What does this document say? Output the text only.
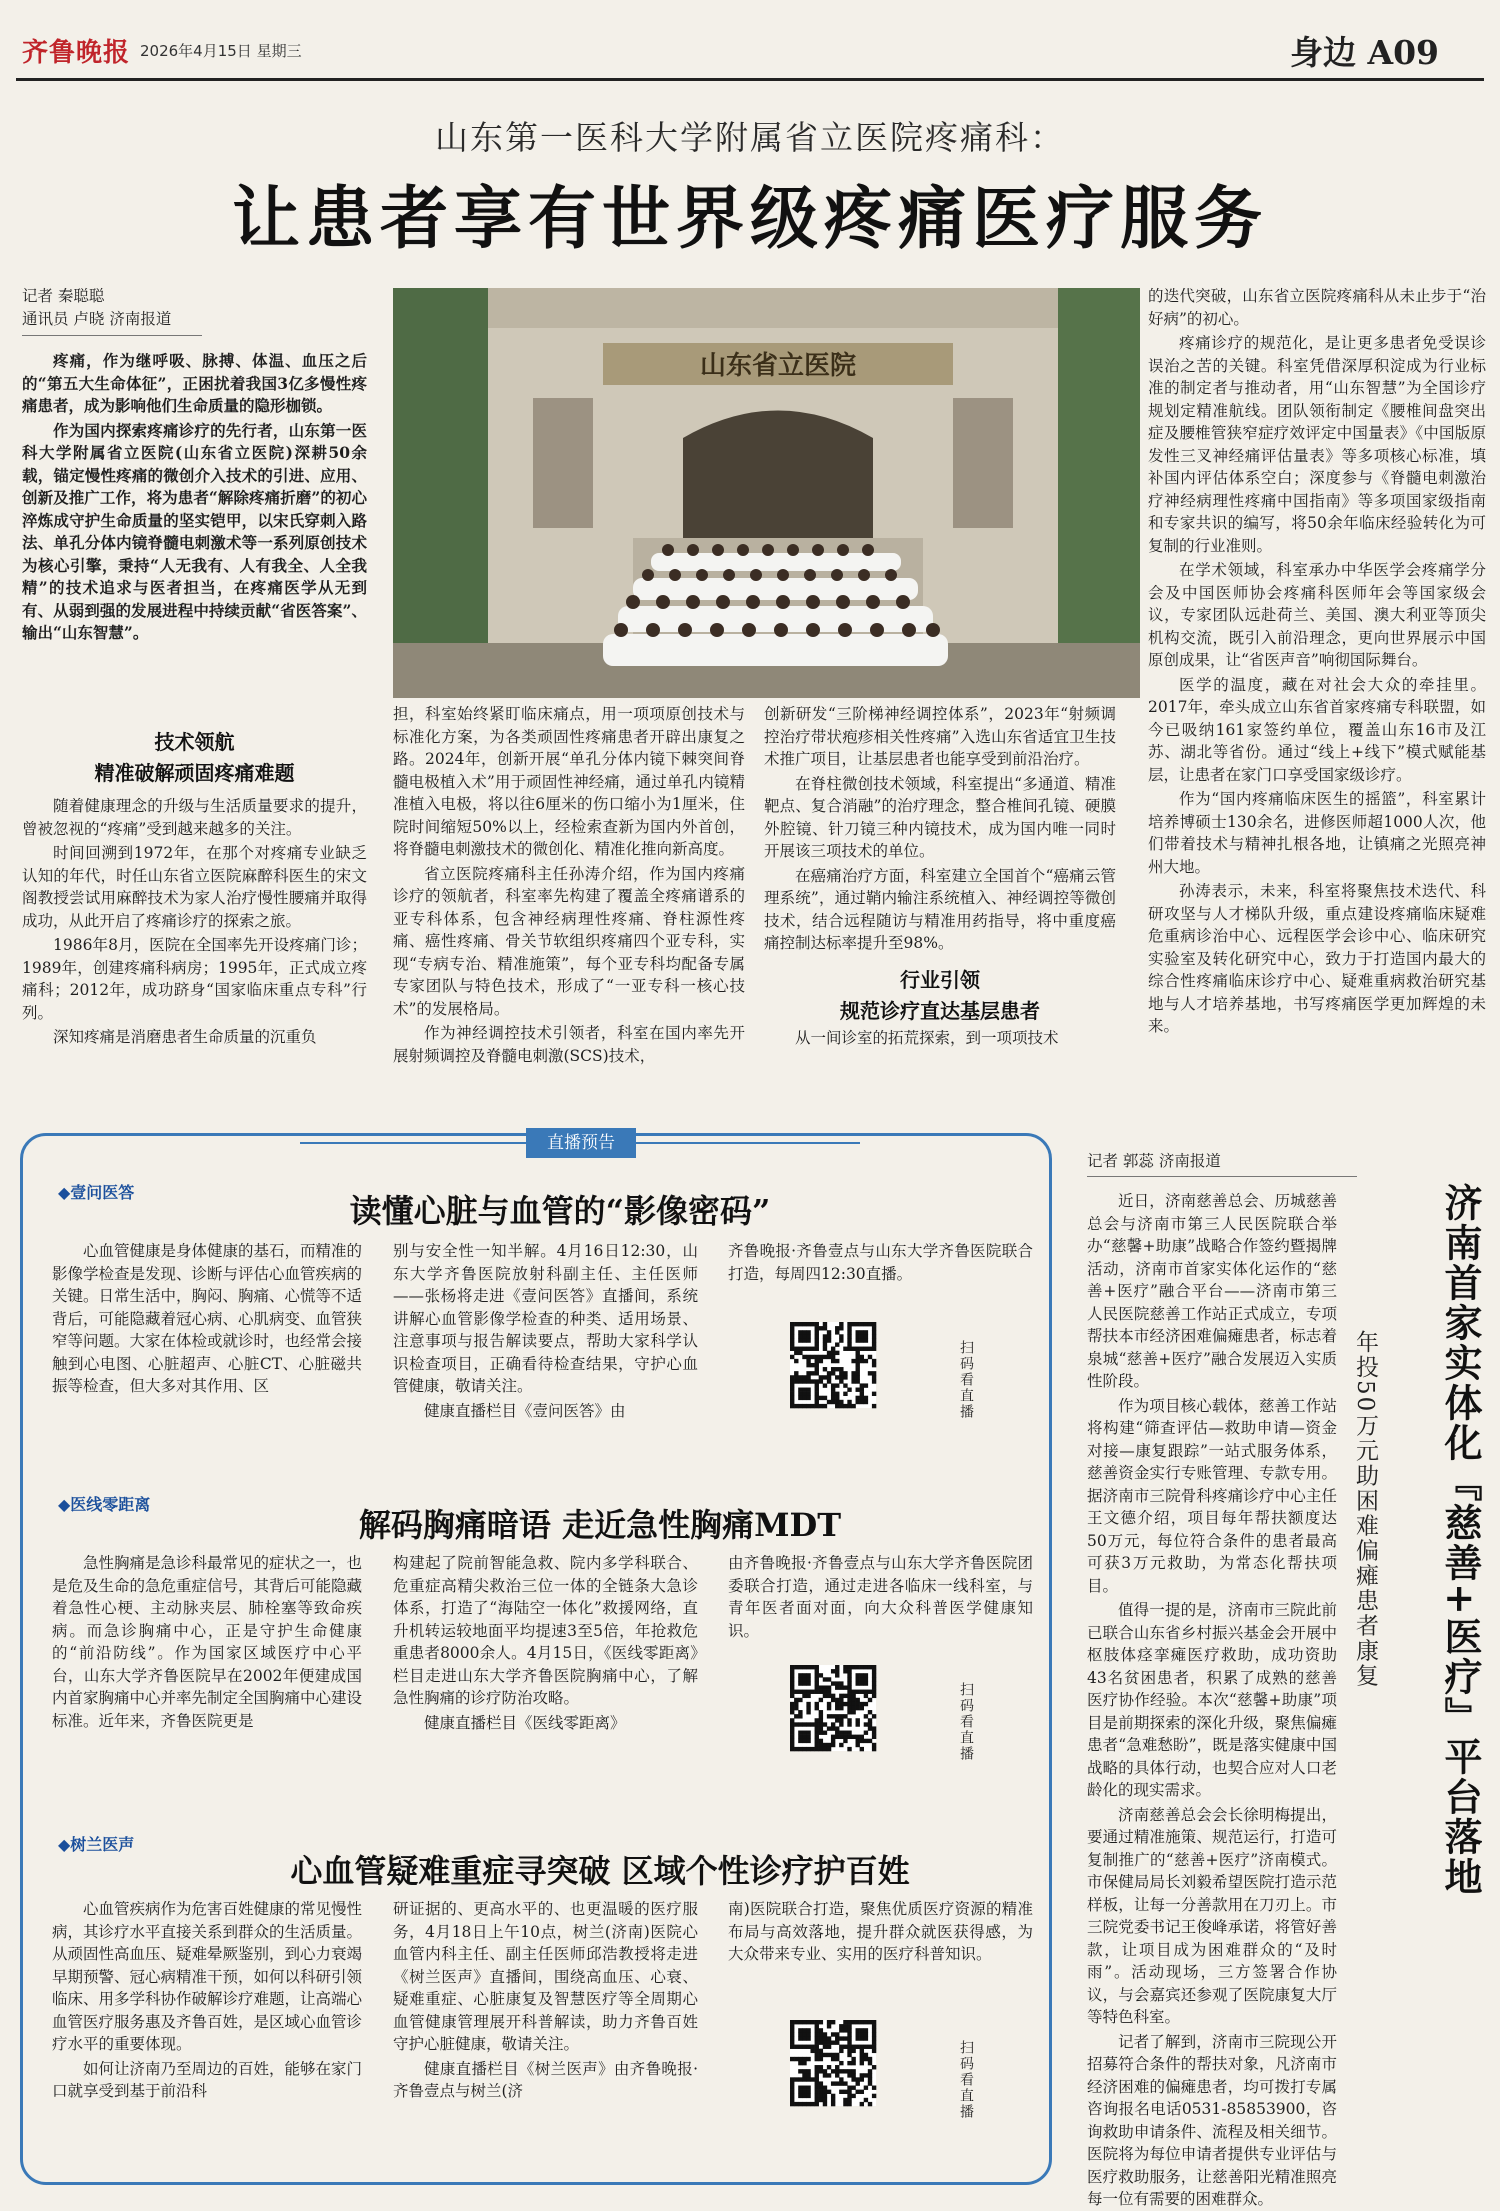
齐鲁晚报 2026年4月15日 星期三	身边 A09
山东第一医科大学附属省立医院疼痛科：
让患者享有世界级疼痛医疗服务
记者 秦聪聪
通讯员 卢晓 济南报道

疼痛，作为继呼吸、脉搏、体温、血压之后的“第五大生命体征”，正困扰着我国3亿多慢性疼痛患者，成为影响他们生命质量的隐形枷锁。

作为国内探索疼痛诊疗的先行者，山东第一医科大学附属省立医院(山东省立医院)深耕50余载，锚定慢性疼痛的微创介入技术的引进、应用、创新及推广工作，将为患者“解除疼痛折磨”的初心淬炼成守护生命质量的坚实铠甲，以宋氏穿刺入路法、单孔分体内镜脊髓电刺激术等一系列原创技术为核心引擎，秉持“人无我有、人有我全、人全我精”的技术追求与医者担当，在疼痛医学从无到有、从弱到强的发展进程中持续贡献“省医答案”、输出“山东智慧”。

技术领航
精准破解顽固疼痛难题

随着健康理念的升级与生活质量要求的提升，曾被忽视的“疼痛”受到越来越多的关注。

时间回溯到1972年，在那个对疼痛专业缺乏认知的年代，时任山东省立医院麻醉科医生的宋文阁教授尝试用麻醉技术为家人治疗慢性腰痛并取得成功，从此开启了疼痛诊疗的探索之旅。

1986年8月，医院在全国率先开设疼痛门诊；1989年，创建疼痛科病房；1995年，正式成立疼痛科；2012年，成功跻身“国家临床重点专科”行列。

深知疼痛是消磨患者生命质量的沉重负

山东省立医院

担，科室始终紧盯临床痛点，用一项项原创技术与标准化方案，为各类顽固性疼痛患者开辟出康复之路。2024年，创新开展“单孔分体内镜下棘突间脊髓电极植入术”用于顽固性神经痛，通过单孔内镜精准植入电极，将以往6厘米的伤口缩小为1厘米，住院时间缩短50%以上，经检索查新为国内外首创，将脊髓电刺激技术的微创化、精准化推向新高度。

省立医院疼痛科主任孙涛介绍，作为国内疼痛诊疗的领航者，科室率先构建了覆盖全疼痛谱系的亚专科体系，包含神经病理性疼痛、脊柱源性疼痛、癌性疼痛、骨关节软组织疼痛四个亚专科，实现“专病专治、精准施策”，每个亚专科均配备专属专家团队与特色技术，形成了“一亚专科一核心技术”的发展格局。

作为神经调控技术引领者，科室在国内率先开展射频调控及脊髓电刺激(SCS)技术，

创新研发“三阶梯神经调控体系”，2023年“射频调控治疗带状疱疹相关性疼痛”入选山东省适宜卫生技术推广项目，让基层患者也能享受到前沿治疗。

在脊柱微创技术领域，科室提出“多通道、精准靶点、复合消融”的治疗理念，整合椎间孔镜、硬膜外腔镜、针刀镜三种内镜技术，成为国内唯一同时开展该三项技术的单位。

在癌痛治疗方面，科室建立全国首个“癌痛云管理系统”，通过鞘内输注系统植入、神经调控等微创技术，结合远程随访与精准用药指导，将中重度癌痛控制达标率提升至98%。

行业引领
规范诊疗直达基层患者

从一间诊室的拓荒探索，到一项项技术

的迭代突破，山东省立医院疼痛科从未止步于“治好病”的初心。

疼痛诊疗的规范化，是让更多患者免受误诊误治之苦的关键。科室凭借深厚积淀成为行业标准的制定者与推动者，用“山东智慧”为全国诊疗规划定精准航线。团队领衔制定《腰椎间盘突出症及腰椎管狭窄症疗效评定中国量表》《中国版原发性三叉神经痛评估量表》等多项核心标准，填补国内评估体系空白；深度参与《脊髓电刺激治疗神经病理性疼痛中国指南》等多项国家级指南和专家共识的编写，将50余年临床经验转化为可复制的行业准则。

在学术领域，科室承办中华医学会疼痛学分会及中国医师协会疼痛科医师年会等国家级会议，专家团队远赴荷兰、美国、澳大利亚等顶尖机构交流，既引入前沿理念，更向世界展示中国原创成果，让“省医声音”响彻国际舞台。

医学的温度，藏在对社会大众的牵挂里。2017年，牵头成立山东省首家疼痛专科联盟，如今已吸纳161家签约单位，覆盖山东16市及江苏、湖北等省份。通过“线上+线下”模式赋能基层，让患者在家门口享受国家级诊疗。

作为“国内疼痛临床医生的摇篮”，科室累计培养博硕士130余名，进修医师超1000人次，他们带着技术与精神扎根各地，让镇痛之光照亮神州大地。

孙涛表示，未来，科室将聚焦技术迭代、科研攻坚与人才梯队升级，重点建设疼痛临床疑难危重病诊治中心、远程医学会诊中心、临床研究实验室及转化研究中心，致力于打造国内最大的综合性疼痛临床诊疗中心、疑难重病救治研究基地与人才培养基地，书写疼痛医学更加辉煌的未来。

直播预告
◆壹问医答	读懂心脏与血管的“影像密码”

心血管健康是身体健康的基石，而精准的影像学检查是发现、诊断与评估心血管疾病的关键。日常生活中，胸闷、胸痛、心慌等不适背后，可能隐藏着冠心病、心肌病变、血管狭窄等问题。大家在体检或就诊时，也经常会接触到心电图、心脏超声、心脏CT、心脏磁共振等检查，但大多对其作用、区

别与安全性一知半解。4月16日12:30，山东大学齐鲁医院放射科副主任、主任医师——张杨将走进《壹问医答》直播间，系统讲解心血管影像学检查的种类、适用场景、注意事项与报告解读要点，帮助大家科学认识检查项目，正确看待检查结果，守护心血管健康，敬请关注。

健康直播栏目《壹问医答》由

齐鲁晚报·齐鲁壹点与山东大学齐鲁医院联合打造，每周四12:30直播。

扫码看直播
◆医线零距离
解码胸痛暗语 走近急性胸痛MDT

急性胸痛是急诊科最常见的症状之一，也是危及生命的急危重症信号，其背后可能隐藏着急性心梗、主动脉夹层、肺栓塞等致命疾病。而急诊胸痛中心，正是守护生命健康的“前沿防线”。作为国家区域医疗中心平台，山东大学齐鲁医院早在2002年便建成国内首家胸痛中心并率先制定全国胸痛中心建设标准。近年来，齐鲁医院更是

构建起了院前智能急救、院内多学科联合、危重症高精尖救治三位一体的全链条大急诊体系，打造了“海陆空一体化”救援网络，直升机转运较地面平均提速3至5倍，年抢救危重患者8000余人。4月15日，《医线零距离》栏目走进山东大学齐鲁医院胸痛中心，了解急性胸痛的诊疗防治攻略。

健康直播栏目《医线零距离》

由齐鲁晚报·齐鲁壹点与山东大学齐鲁医院团委联合打造，通过走进各临床一线科室，与青年医者面对面，向大众科普医学健康知识。

扫码看直播
◆树兰医声
心血管疑难重症寻突破 区域个性诊疗护百姓

心血管疾病作为危害百姓健康的常见慢性病，其诊疗水平直接关系到群众的生活质量。从顽固性高血压、疑难晕厥鉴别，到心力衰竭早期预警、冠心病精准干预，如何以科研引领临床、用多学科协作破解诊疗难题，让高端心血管医疗服务惠及齐鲁百姓，是区域心血管诊疗水平的重要体现。

如何让济南乃至周边的百姓，能够在家门口就享受到基于前沿科

研证据的、更高水平的、也更温暖的医疗服务，4月18日上午10点，树兰(济南)医院心血管内科主任、副主任医师邱浩教授将走进《树兰医声》直播间，围绕高血压、心衰、疑难重症、心脏康复及智慧医疗等全周期心血管健康管理展开科普解读，助力齐鲁百姓守护心脏健康，敬请关注。

健康直播栏目《树兰医声》由齐鲁晚报·齐鲁壹点与树兰(济

南)医院联合打造，聚焦优质医疗资源的精准布局与高效落地，提升群众就医获得感，为大众带来专业、实用的医疗科普知识。

扫码看直播
记者 郭蕊 济南报道
济南首家实体化『慈善+医疗』平台落地
年投50万元助困难偏瘫患者康复

近日，济南慈善总会、历城慈善总会与济南市第三人民医院联合举办“慈馨+助康”战略合作签约暨揭牌活动，济南市首家实体化运作的“慈善+医疗”融合平台——济南市第三人民医院慈善工作站正式成立，专项帮扶本市经济困难偏瘫患者，标志着泉城“慈善+医疗”融合发展迈入实质性阶段。

作为项目核心载体，慈善工作站将构建“筛查评估—救助申请—资金对接—康复跟踪”一站式服务体系，慈善资金实行专账管理、专款专用。据济南市三院骨科疼痛诊疗中心主任王文德介绍，项目每年帮扶额度达50万元，每位符合条件的患者最高可获3万元救助，为常态化帮扶项目。

值得一提的是，济南市三院此前已联合山东省乡村振兴基金会开展中枢肢体痉挛瘫医疗救助，成功资助43名贫困患者，积累了成熟的慈善医疗协作经验。本次“慈馨+助康”项目是前期探索的深化升级，聚焦偏瘫患者“急难愁盼”，既是落实健康中国战略的具体行动，也契合应对人口老龄化的现实需求。

济南慈善总会会长徐明梅提出，要通过精准施策、规范运行，打造可复制推广的“慈善+医疗”济南模式。市保健局局长刘毅希望医院打造示范样板，让每一分善款用在刀刃上。市三院党委书记王俊峰承诺，将管好善款，让项目成为困难群众的“及时雨”。活动现场，三方签署合作协议，与会嘉宾还参观了医院康复大厅等特色科室。

记者了解到，济南市三院现公开招募符合条件的帮扶对象，凡济南市经济困难的偏瘫患者，均可拨打专属咨询报名电话0531-85853900，咨询救助申请条件、流程及相关细节。医院将为每位申请者提供专业评估与医疗救助服务，让慈善阳光精准照亮每一位有需要的困难群众。
